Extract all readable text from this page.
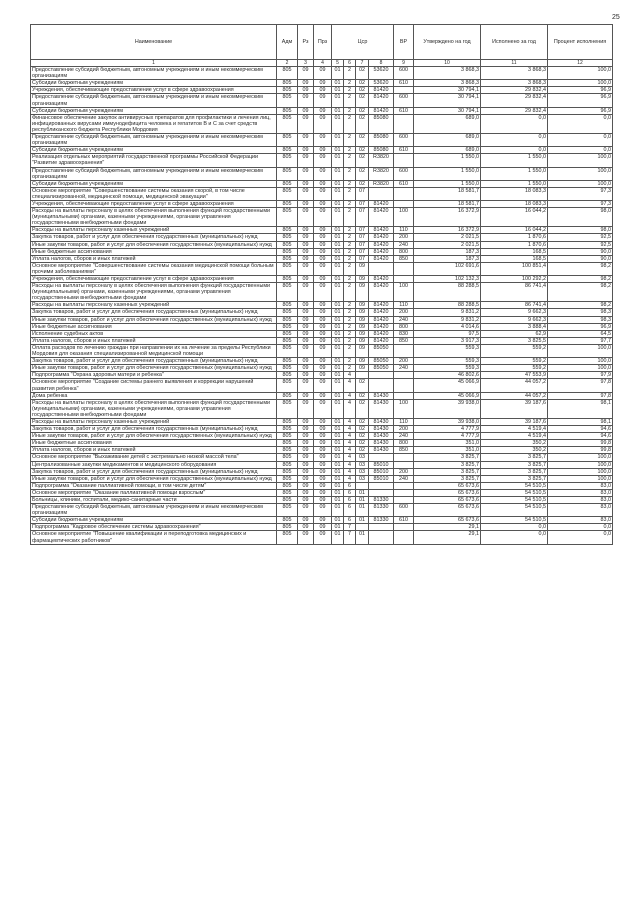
25
Наименование	Адм	Рз	Прз	Цср				ВР	Утверждено на год	Исполнено за год	Процент исполнения
1	2	3	4	5	6	7	8	9	10	11	12
Предоставление субсидий бюджетным, автономным учреждениям и иным некоммерческим организациям	805	09	09	01	2	02	53620	600	3 868,3	3 868,3	100,0
Субсидии бюджетным учреждениям	805	09	09	01	2	02	53620	610	3 868,3	3 868,3	100,0
Учреждения, обеспечивающие предоставление услуг в сфере здравоохранения	805	09	09	01	2	02	81420		30 794,1	29 832,4	96,9
Предоставление субсидий бюджетным, автономным учреждениям и иным некоммерческим организациям	805	09	09	01	2	02	81420	600	30 794,1	29 832,4	96,9
Субсидии бюджетным учреждениям	805	09	09	01	2	02	81420	610	30 794,1	29 832,4	96,9
Финансовое обеспечение закупок антивирусных препаратов для профилактики и лечения лиц, инфицированных вирусами иммунодефицита человека и гепатитов В и С за счет средств республиканского бюджета Республики Мордовия	805	09	09	01	2	02	85080		689,0	0,0	0,0
Предоставление субсидий бюджетным, автономным учреждениям и иным некоммерческим организациям	805	09	09	01	2	02	85080	600	689,0	0,0	0,0
Субсидии бюджетным учреждениям	805	09	09	01	2	02	85080	610	689,0	0,0	0,0
Реализация отдельных мероприятий государственной программы Российской Федерации "Развитие здравоохранения"	805	09	09	01	2	02	R3820		1 550,0	1 550,0	100,0
Предоставление субсидий бюджетным, автономным учреждениям и иным некоммерческим организациям	805	09	09	01	2	02	R3820	600	1 550,0	1 550,0	100,0
Субсидии бюджетным учреждениям	805	09	09	01	2	02	R3820	610	1 550,0	1 550,0	100,0
Основное мероприятие "Совершенствование системы оказания скорой, в том числе специализированной, медицинской помощи, медицинской эвакуации"	805	09	09	01	2	07			18 581,7	18 083,3	97,3
Учреждения, обеспечивающие предоставление услуг в сфере здравоохранения	805	09	09	01	2	07	81420		18 581,7	18 083,3	97,3
Расходы на выплаты персоналу в целях обеспечения выполнения функций государственными (муниципальными) органами, казенными учреждениями, органами управления государственными внебюджетными фондами	805	09	09	01	2	07	81420	100	16 372,9	16 044,2	98,0
Расходы на выплаты персоналу казенных учреждений	805	09	09	01	2	07	81420	110	16 372,9	16 044,2	98,0
Закупка товаров, работ и услуг для обеспечения государственных (муниципальных) нужд	805	09	09	01	2	07	81420	200	2 021,5	1 870,6	92,5
Иные закупки товаров, работ и услуг для обеспечения государственных (муниципальных) нужд	805	09	09	01	2	07	81420	240	2 021,5	1 870,6	92,5
Иные бюджетные ассигнования	805	09	09	01	2	07	81420	800	187,3	168,5	90,0
Уплата налогов, сборов и иных платежей	805	09	09	01	2	07	81420	850	187,3	168,5	90,0
Основное мероприятие "Совершенствование системы оказания медицинской помощи больным прочими заболеваниями"	805	09	09	01	2	09			102 691,6	100 851,4	98,2
Учреждения, обеспечивающие предоставление услуг в сфере здравоохранения	805	09	09	01	2	09	81420		102 132,3	100 292,2	98,2
Расходы на выплаты персоналу в целях обеспечения выполнения функций государственными (муниципальными) органами, казенными учреждениями, органами управления государственными внебюджетными фондами	805	09	09	01	2	09	81420	100	88 288,5	86 741,4	98,2
Расходы на выплаты персоналу казенных учреждений	805	09	09	01	2	09	81420	110	88 288,5	86 741,4	98,2
Закупка товаров, работ и услуг для обеспечения государственных (муниципальных) нужд	805	09	09	01	2	09	81420	200	9 831,2	9 662,3	98,3
Иные закупки товаров, работ и услуг для обеспечения государственных (муниципальных) нужд	805	09	09	01	2	09	81420	240	9 831,2	9 662,3	98,3
Иные бюджетные ассигнования	805	09	09	01	2	09	81420	800	4 014,6	3 888,4	96,9
Исполнение судебных актов	805	09	09	01	2	09	81420	830	97,5	62,9	64,5
Уплата налогов, сборов и иных платежей	805	09	09	01	2	09	81420	850	3 917,3	3 825,5	97,7
Оплата расходов по лечению граждан при направлении их на лечение за пределы Республики Мордовия для оказания специализированной медицинской помощи	805	09	09	01	2	09	85050		559,3	559,2	100,0
Закупка товаров, работ и услуг для обеспечения государственных (муниципальных) нужд	805	09	09	01	2	09	85050	200	559,3	559,2	100,0
Иные закупки товаров, работ и услуг для обеспечения государственных (муниципальных) нужд	805	09	09	01	2	09	85050	240	559,3	559,2	100,0
Подпрограмма "Охрана здоровья матери и ребенка"	805	09	09	01	4				46 802,6	47 553,9	97,9
Основное мероприятие "Создание системы раннего выявления и коррекции нарушений развития ребенка"	805	09	09	01	4	02			45 066,9	44 057,2	97,8
Дома ребенка	805	09	09	01	4	02	81430		45 066,9	44 057,2	97,8
Расходы на выплаты персоналу в целях обеспечения выполнения функций государственными (муниципальными) органами, казенными учреждениями, органами управления государственными внебюджетными фондами	805	09	09	01	4	02	81430	100	39 938,0	39 187,6	98,1
Расходы на выплаты персоналу казенных учреждений	805	09	09	01	4	02	81430	110	39 938,0	39 187,6	98,1
Закупка товаров, работ и услуг для обеспечения государственных (муниципальных) нужд	805	09	09	01	4	02	81430	200	4 777,9	4 519,4	94,6
Иные закупки товаров, работ и услуг для обеспечения государственных (муниципальных) нужд	805	09	09	01	4	02	81430	240	4 777,9	4 519,4	94,6
Иные бюджетные ассигнования	805	09	09	01	4	02	81430	800	351,0	350,2	99,8
Уплата налогов, сборов и иных платежей	805	09	09	01	4	02	81430	850	351,0	350,2	99,8
Основное мероприятие "Выхаживание детей с экстремально низкой массой тела"	805	09	09	01	4	03			3 825,7	3 825,7	100,0
Централизованные закупки медикаментов и медицинского оборудования	805	09	09	01	4	03	85010		3 825,7	3 825,7	100,0
Закупка товаров, работ и услуг для обеспечения государственных (муниципальных) нужд	805	09	09	01	4	03	85010	200	3 825,7	3 825,7	100,0
Иные закупки товаров, работ и услуг для обеспечения государственных (муниципальных) нужд	805	09	09	01	4	03	85010	240	3 825,7	3 825,7	100,0
Подпрограмма "Оказание паллиативной помощи, в том числе детям"	805	09	09	01	6				65 673,6	54 510,5	83,0
Основное мероприятие "Оказание паллиативной помощи взрослым"	805	09	09	01	6	01			65 673,6	54 510,5	83,0
Больницы, клиники, госпитали, медико-санитарные части	805	09	09	01	6	01	81330		65 673,6	54 510,5	83,0
Предоставление субсидий бюджетным, автономным учреждениям и иным некоммерческим организациям	805	09	09	01	6	01	81330	600	65 673,6	54 510,5	83,0
Субсидии бюджетным учреждениям	805	09	09	01	6	01	81330	610	65 673,6	54 510,5	83,0
Подпрограмма "Кадровое обеспечение системы здравоохранения"	805	09	09	01	7				29,1	0,0	0,0
Основное мероприятие "Повышение квалификации и переподготовка медицинских и фармацевтических работников"	805	09	09	01	7	01			29,1	0,0	0,0
